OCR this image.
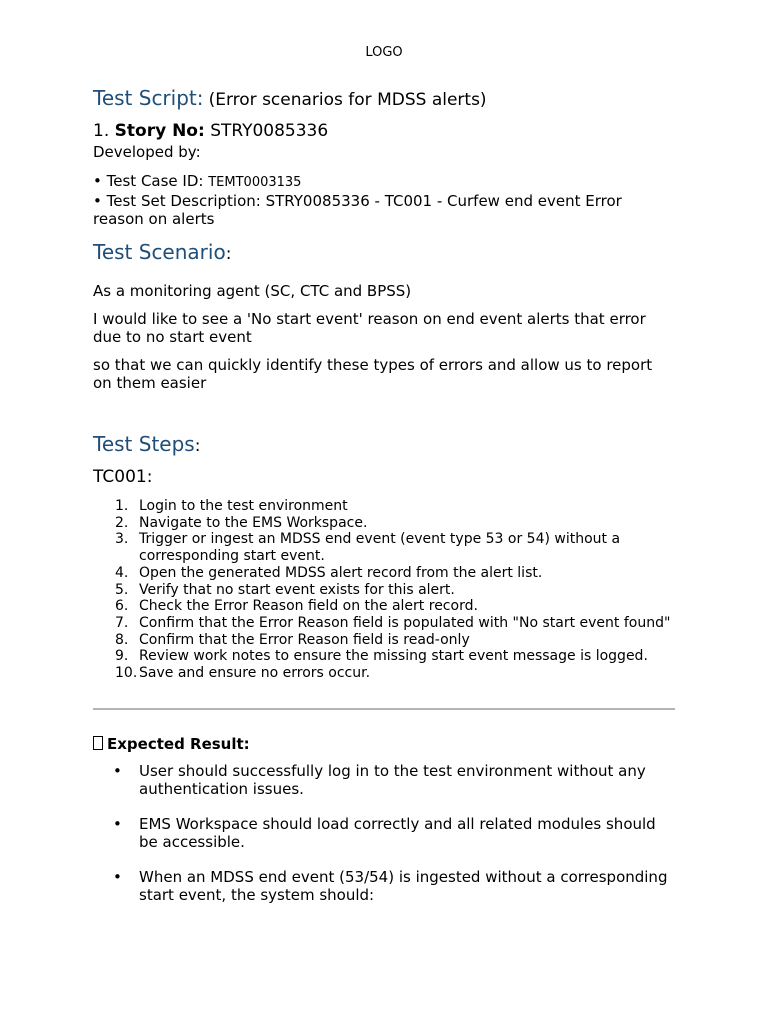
LOGO

Test Script: (Error scenarios for MDSS alerts)

1. Story No: STRY0085336

Developed by:

• Test Case ID: TEMT0003135

• Test Set Description: STRY0085336 - TC001 - Curfew end event Error reason on alerts

Test Scenario:

As a monitoring agent (SC, CTC and BPSS)

I would like to see a 'No start event' reason on end event alerts that error due to no start event

so that we can quickly identify these types of errors and allow us to report on them easier

Test Steps:

TC001:

1. Login to the test environment
2. Navigate to the EMS Workspace.
3. Trigger or ingest an MDSS end event (event type 53 or 54) without a corresponding start event.
4. Open the generated MDSS alert record from the alert list.
5. Verify that no start event exists for this alert.
6. Check the Error Reason field on the alert record.
7. Confirm that the Error Reason field is populated with "No start event found"
8. Confirm that the Error Reason field is read-only
9. Review work notes to ensure the missing start event message is logged.
10. Save and ensure no errors occur.

Expected Result:

• User should successfully log in to the test environment without any authentication issues.
• EMS Workspace should load correctly and all related modules should be accessible.
• When an MDSS end event (53/54) is ingested without a corresponding start event, the system should:
